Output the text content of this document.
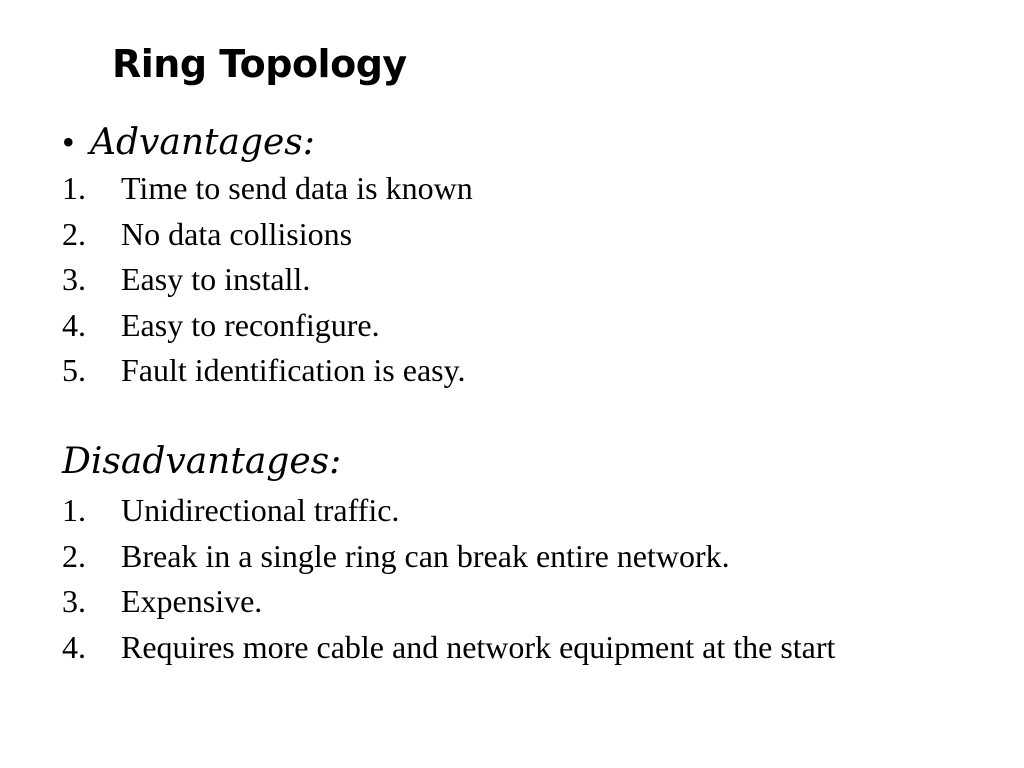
Ring Topology
• Advantages:
1.	Time to send data is known
2.	No data collisions
3.	Easy to install.
4.	Easy to reconfigure.
5.	Fault identification is easy.
Disadvantages:
1.	Unidirectional traffic.
2.	Break in a single ring can break entire network.
3.	Expensive.
4.	Requires more cable and network equipment at the start
